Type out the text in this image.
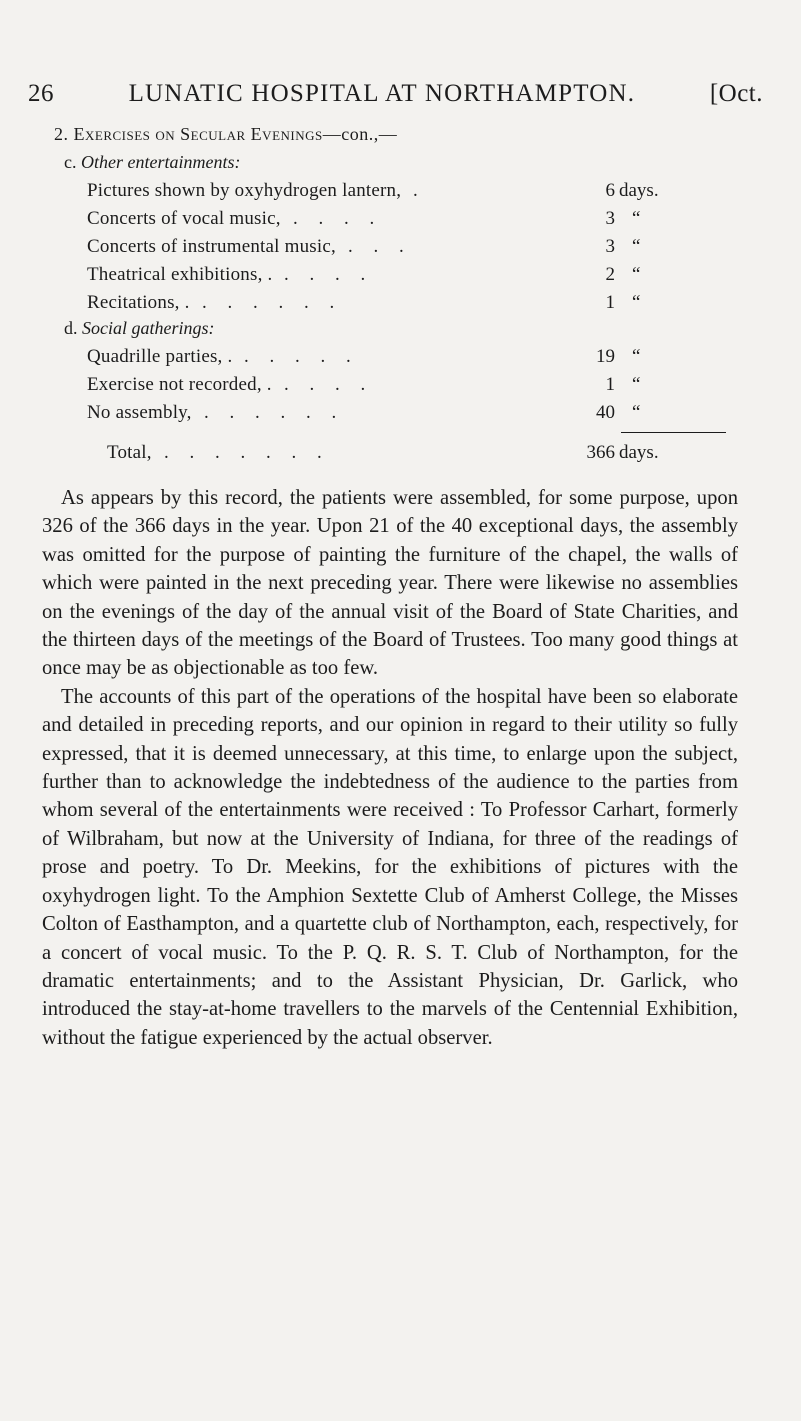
26	LUNATIC HOSPITAL AT NORTHAMPTON.	[Oct.
2. Exercises on Secular Evenings—con.,—
c. Other entertainments:
Pictures shown by oxyhydrogen lantern,	6 days.
.
Concerts of vocal music,	3 “
. . . .
Concerts of instrumental music,	3 “
. . .
Theatrical exhibitions, .	2 “
. . . .
Recitations, .	1 “
. . . . . .
d. Social gatherings:
Quadrille parties, .	19 “
. . . . .
Exercise not recorded, .	1 “
. . . .
No assembly,	40 “
. . . . . .
Total,	366 days.
. . . . . . .

As appears by this record, the patients were assembled, for some purpose, upon 326 of the 366 days in the year. Upon 21 of the 40 exceptional days, the assembly was omitted for the purpose of painting the furniture of the chapel, the walls of which were painted in the next preceding year. There were likewise no assemblies on the evenings of the day of the annual visit of the Board of State Charities, and the thirteen days of the meetings of the Board of Trustees. Too many good things at once may be as objectionable as too few.

The accounts of this part of the operations of the hospital have been so elaborate and detailed in preceding reports, and our opinion in regard to their utility so fully expressed, that it is deemed unnecessary, at this time, to enlarge upon the subject, further than to acknowledge the indebtedness of the audience to the parties from whom several of the entertainments were received : To Professor Carhart, formerly of Wilbraham, but now at the University of Indiana, for three of the readings of prose and poetry. To Dr. Meekins, for the exhibitions of pictures with the oxyhydrogen light. To the Amphion Sextette Club of Amherst College, the Misses Colton of Easthampton, and a quartette club of Northampton, each, respectively, for a concert of vocal music. To the P. Q. R. S. T. Club of Northampton, for the dramatic entertainments; and to the Assistant Physician, Dr. Garlick, who introduced the stay-at-home travellers to the marvels of the Centennial Exhibition, without the fatigue experienced by the actual observer.
